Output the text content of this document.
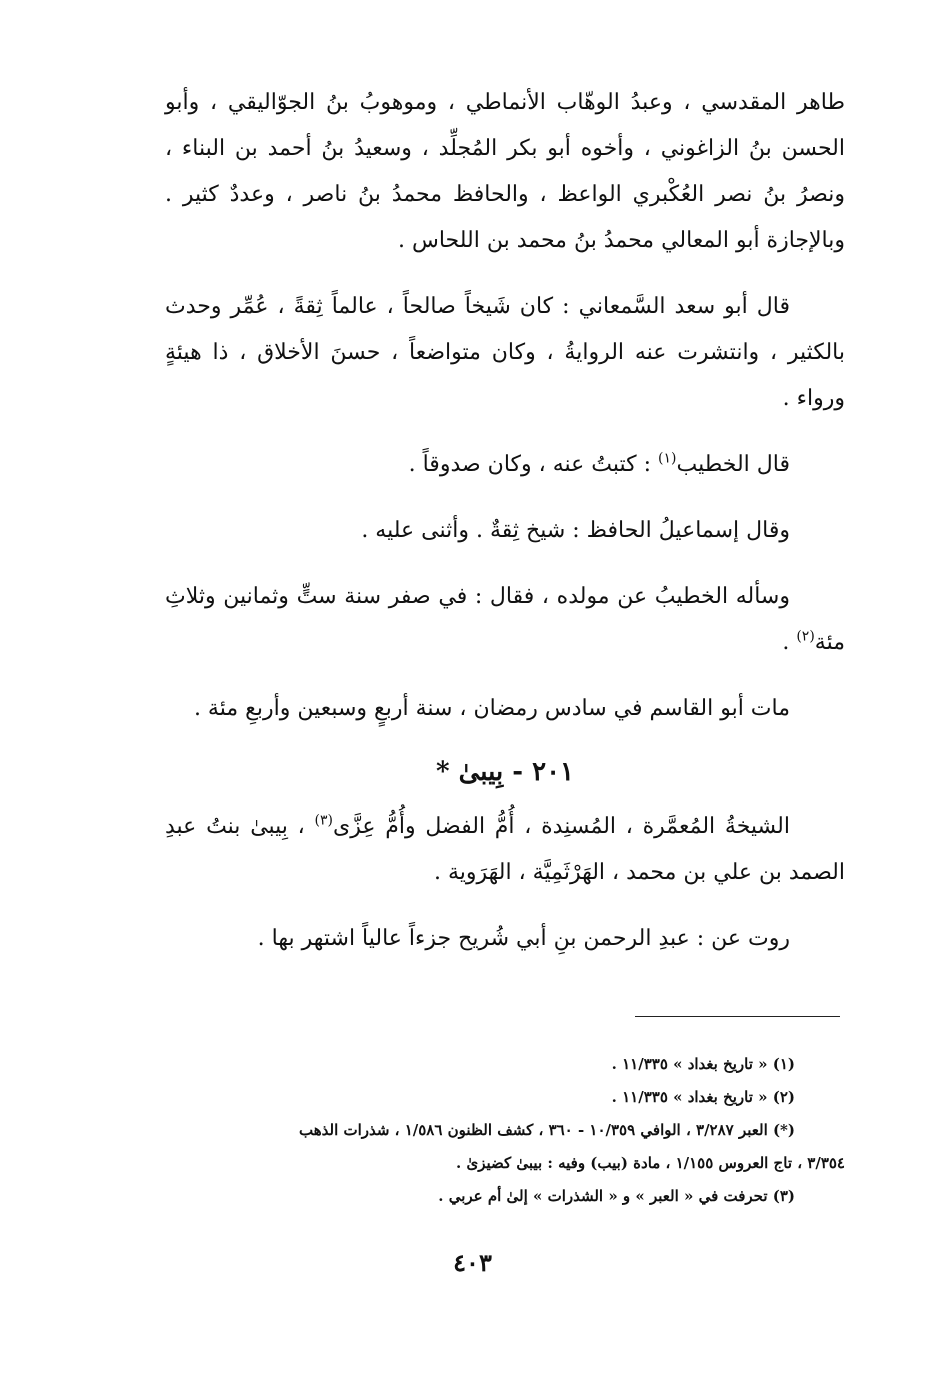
طاهر المقدسي ، وعبدُ الوهّاب الأنماطي ، وموهوبُ بنُ الجوّاليقي ، وأبو الحسن بنُ الزاغوني ، وأخوه أبو بكر المُجلِّد ، وسعيدُ بنُ أحمد بن البناء ، ونصرُ بنُ نصر العُكْبري الواعظ ، والحافظ محمدُ بنُ ناصر ، وعددٌ كثير . وبالإجازة أبو المعالي محمدُ بنُ محمد بن اللحاس .

قال أبو سعد السَّمعاني : كان شَيخاً صالحاً ، عالماً ثِقةً ، عُمِّر وحدث بالكثير ، وانتشرت عنه الروايةُ ، وكان متواضعاً ، حسنَ الأخلاق ، ذا هيئةٍ ورواء .

قال الخطيب$^{(١)}$ : كتبتُ عنه ، وكان صدوقاً .

وقال إسماعيلُ الحافظ : شيخ ثِقةٌ . وأثنى عليه .

وسأله الخطيبُ عن مولده ، فقال : في صفر سنة ستٍّ وثمانين وثلاثِ مئة$^{(٢)}$ .

مات أبو القاسم في سادس رمضان ، سنة أربعٍ وسبعين وأربعِ مئة .

٢٠١ - بِيبىٰ *

الشيخةُ المُعمَّرة ، المُسنِدة ، أُمُّ الفضل وأُمُّ عِزَّى$^{(٣)}$ ، بِيبىٰ بنتُ عبدِ الصمد بن علي بن محمد ، الهَرْثَمِيَّة ، الهَرَوية .

روت عن : عبدِ الرحمن بنِ أبي شُريح جزءاً عالياً اشتهر بها .

(١) « تاريخ بغداد » ١١/٣٣٥ .

(٢) « تاريخ بغداد » ١١/٣٣٥ .

(*) العبر ٣/٢٨٧ ، الوافي ١٠/٣٥٩ - ٣٦٠ ، كشف الظنون ١/٥٨٦ ، شذرات الذهب

٣/٣٥٤ ، تاج العروس ١/١٥٥ ، مادة (بيب) وفيه : بيبىٰ كضيزىٰ .

(٣) تحرفت في « العبر » و « الشذرات » إلىٰ أم عربي .

٤٠٣
